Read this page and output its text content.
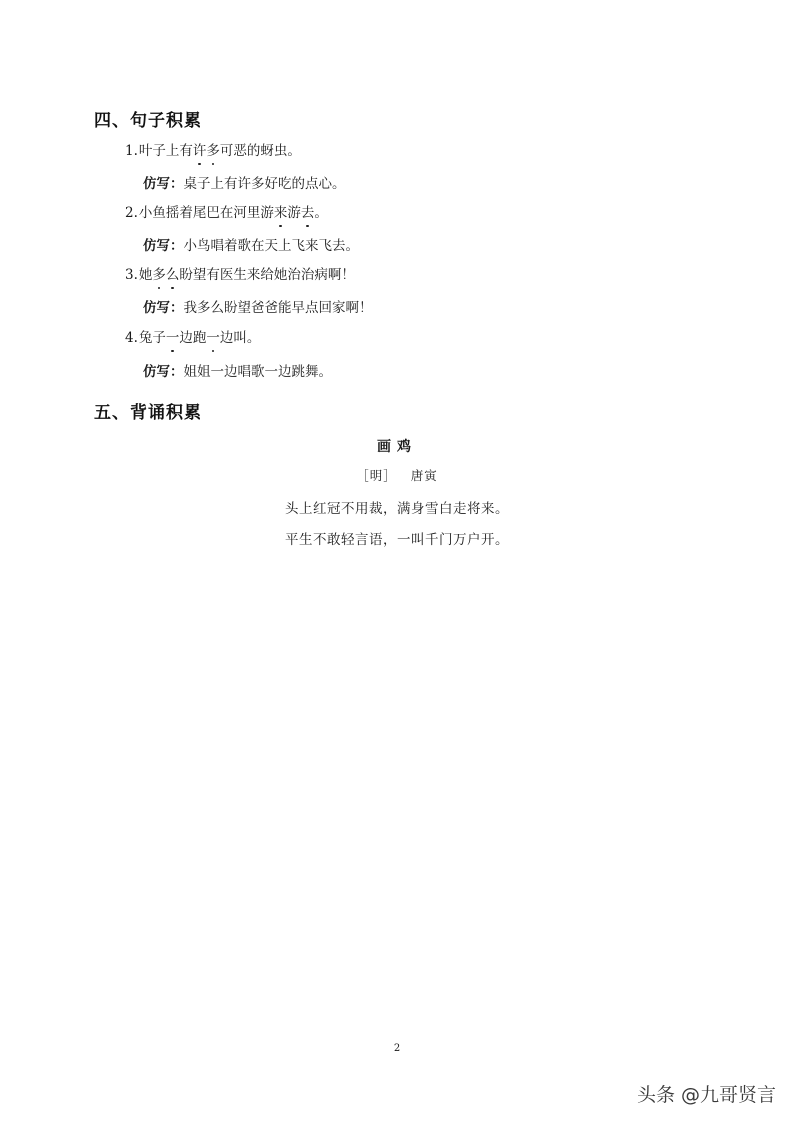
四、句子积累
1.叶子上有许多可恶的蚜虫。
仿写：桌子上有许多好吃的点心。
2.小鱼摇着尾巴在河里游来游去。
仿写：小鸟唱着歌在天上飞来飞去。
3.她多么盼望有医生来给她治治病啊！
仿写：我多么盼望爸爸能早点回家啊！
4.兔子一边跑一边叫。
仿写：姐姐一边唱歌一边跳舞。
五、背诵积累
画鸡
［明］ 唐寅
头上红冠不用裁，满身雪白走将来。
平生不敢轻言语，一叫千门万户开。
2
头条 @九哥贤言
